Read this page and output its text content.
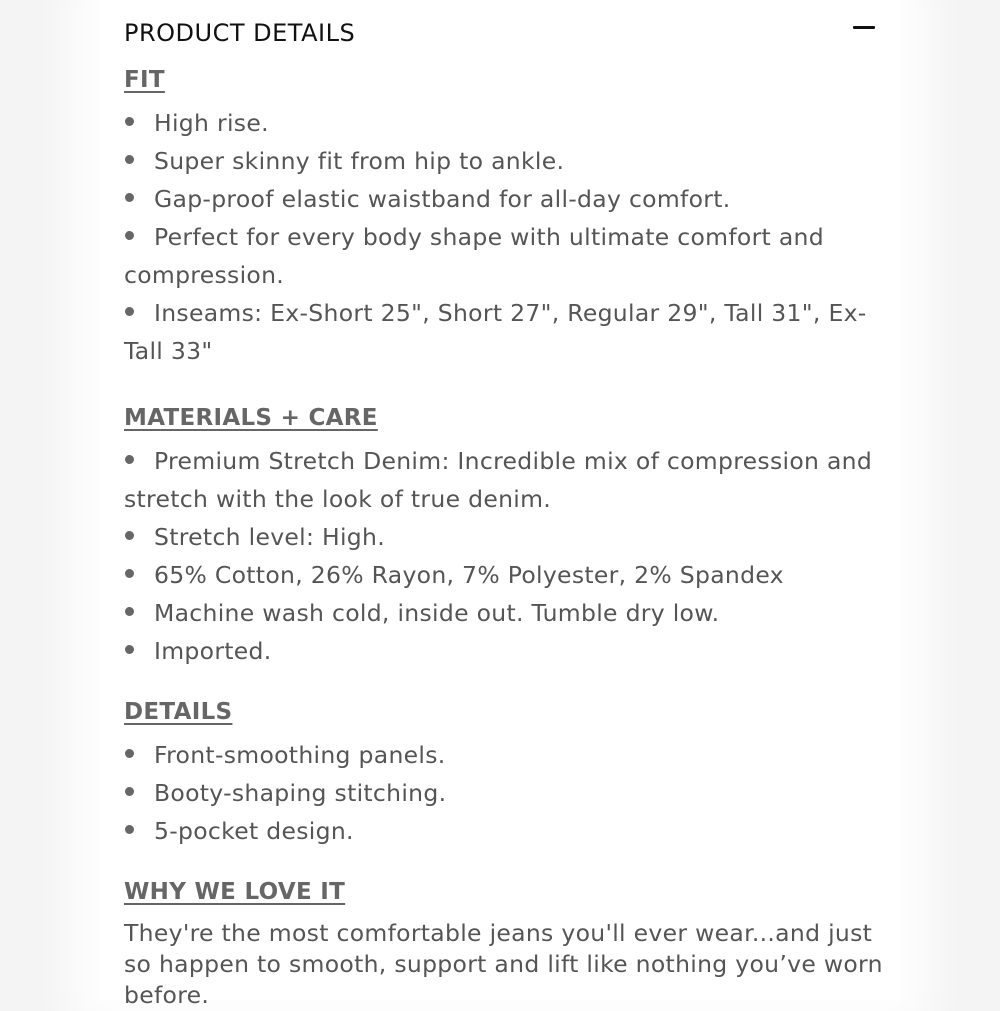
PRODUCT DETAILS
FIT
High rise.
Super skinny fit from hip to ankle.
Gap-proof elastic waistband for all-day comfort.
Perfect for every body shape with ultimate comfort and compression.
Inseams: Ex-Short 25", Short 27", Regular 29", Tall 31", Ex-Tall 33"
MATERIALS + CARE
Premium Stretch Denim: Incredible mix of compression and stretch with the look of true denim.
Stretch level: High.
65% Cotton, 26% Rayon, 7% Polyester, 2% Spandex
Machine wash cold, inside out. Tumble dry low.
Imported.
DETAILS
Front-smoothing panels.
Booty-shaping stitching.
5-pocket design.
WHY WE LOVE IT

They're the most comfortable jeans you'll ever wear...and just so happen to smooth, support and lift like nothing you’ve worn before.
